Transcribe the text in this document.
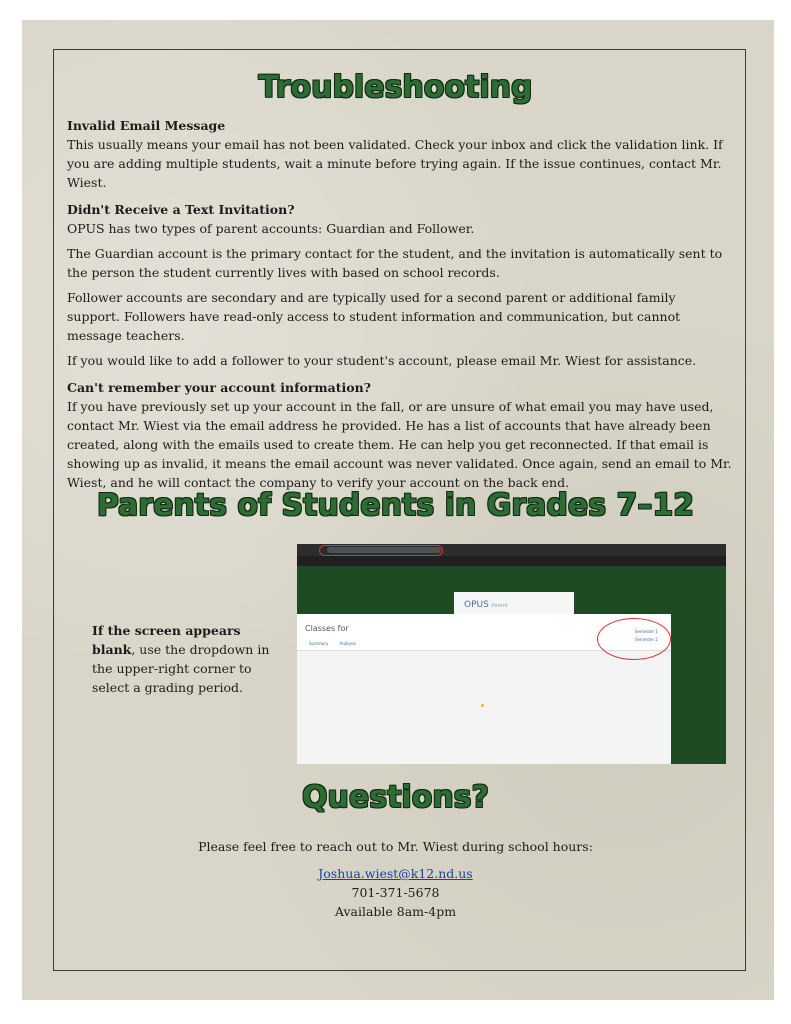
Troubleshooting

Invalid Email Message

This usually means your email has not been validated. Check your inbox and click the validation link. If you are adding multiple students, wait a minute before trying again. If the issue continues, contact Mr. Wiest.

Didn't Receive a Text Invitation?

OPUS has two types of parent accounts: Guardian and Follower.

The Guardian account is the primary contact for the student, and the invitation is automatically sent to the person the student currently lives with based on school records.

Follower accounts are secondary and are typically used for a second parent or additional family support. Followers have read-only access to student information and communication, but cannot message teachers.

If you would like to add a follower to your student's account, please email Mr. Wiest for assistance.

Can't remember your account information?

If you have previously set up your account in the fall, or are unsure of what email you may have used, contact Mr. Wiest via the email address he provided. He has a list of accounts that have already been created, along with the emails used to create them. He can help you get reconnected. If that email is showing up as invalid, it means the email account was never validated. Once again, send an email to Mr. Wiest, and he will contact the company to verify your account on the back end.

Parents of Students in Grades 7–12
If the screen appears blank, use the dropdown in the upper-right corner to select a grading period.
OPUS Parent
Classes for
Summary	Analysis
Semester 1
Semester 2
Questions?
Please feel free to reach out to Mr. Wiest during school hours:
Joshua.wiest@k12.nd.us
701-371-5678
Available 8am-4pm
